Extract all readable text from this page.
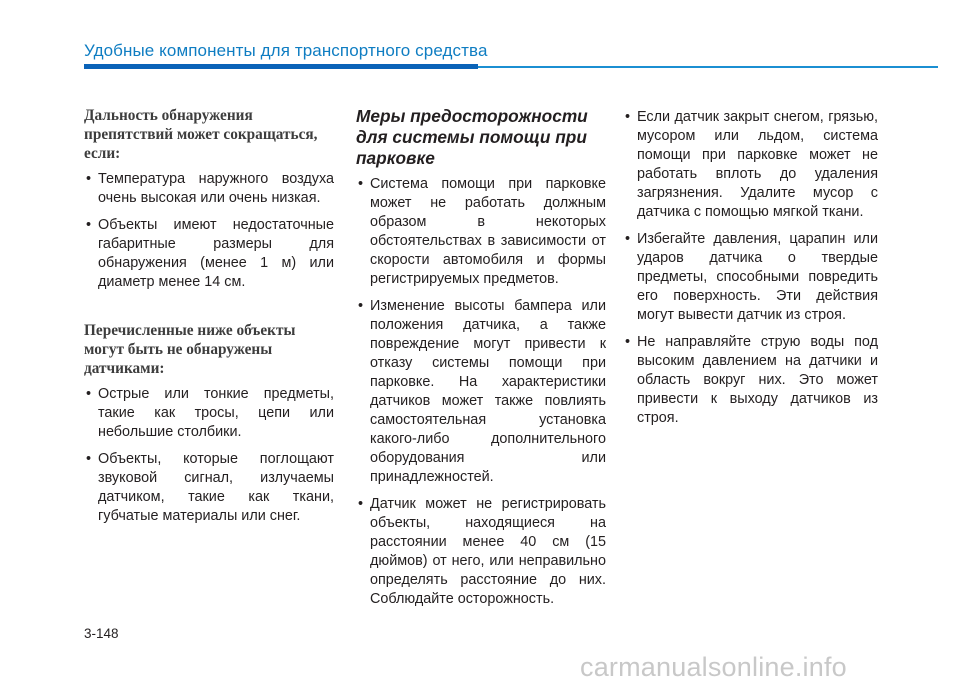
Удобные компоненты для транспортного средства

Дальность обнаружения препятствий может сокращаться, если:

• Температура наружного воздуха очень высокая или очень низкая.
• Объекты имеют недостаточные габаритные размеры для обнаружения (менее 1 м) или диаметр менее 14 см.

Перечисленные ниже объекты могут быть не обнаружены датчиками:

• Острые или тонкие предметы, такие как тросы, цепи или небольшие столбики.
• Объекты, которые поглощают звуковой сигнал, излучаемы датчиком, такие как ткани, губчатые материалы или снег.

Меры предосторожности для системы помощи при парковке

• Система помощи при парковке может не работать должным образом в некоторых обстоятельствах в зависимости от скорости автомобиля и формы регистрируемых предметов.
• Изменение высоты бампера или положения датчика, а также повреждение могут привести к отказу системы помощи при парковке. На характеристики датчиков может также повлиять самостоятельная установка какого-либо дополнительного оборудования или принадлежностей.
• Датчик может не регистрировать объекты, находящиеся на расстоянии менее 40 см (15 дюймов) от него, или неправильно определять расстояние до них. Соблюдайте осторожность.
• Если датчик закрыт снегом, грязью, мусором или льдом, система помощи при парковке может не работать вплоть до удаления загрязнения. Удалите мусор с датчика с помощью мягкой ткани.
• Избегайте давления, царапин или ударов датчика о твердые предметы, способными повредить его поверхность. Эти действия могут вывести датчик из строя.
• Не направляйте струю воды под высоким давлением на датчики и область вокруг них. Это может привести к выходу датчиков из строя.
3-148
carmanualsonline.info
